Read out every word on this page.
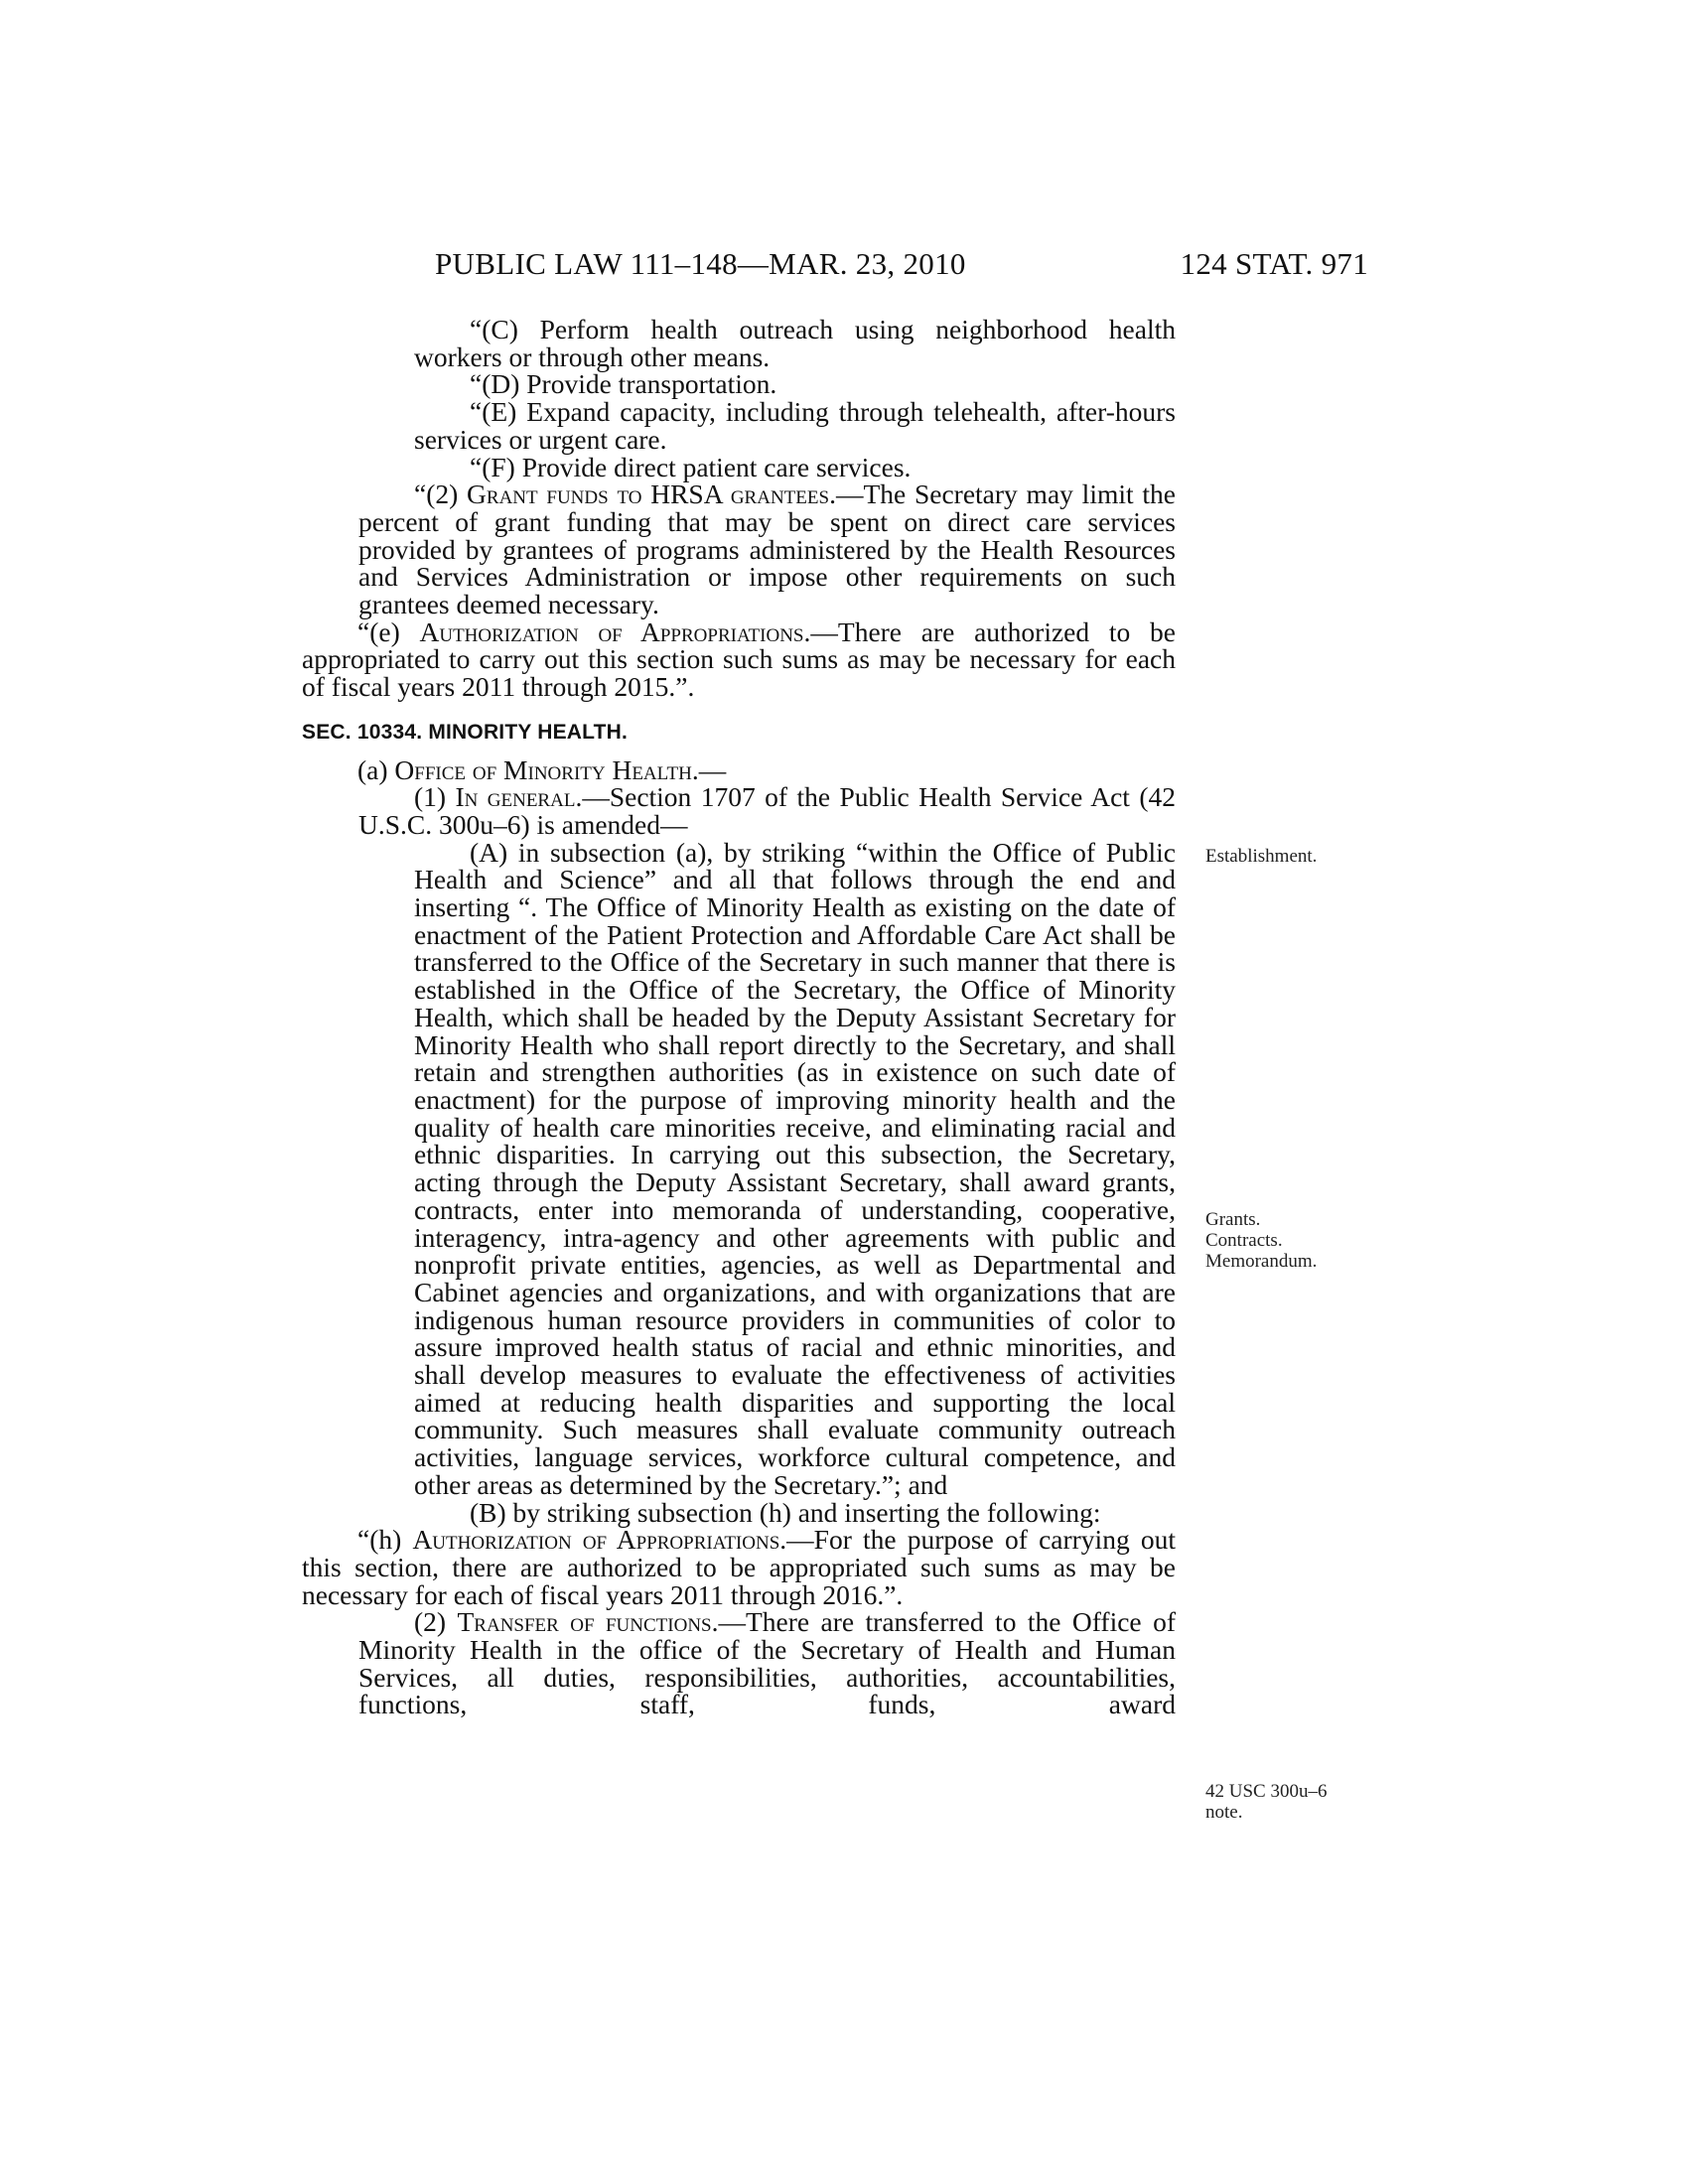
PUBLIC LAW 111–148—MAR. 23, 2010	124 STAT. 971

“(C) Perform health outreach using neighborhood health workers or through other means.

“(D) Provide transportation.

“(E) Expand capacity, including through telehealth, after-hours services or urgent care.

“(F) Provide direct patient care services.

“(2) Grant funds to HRSA grantees.—The Secretary may limit the percent of grant funding that may be spent on direct care services provided by grantees of programs administered by the Health Resources and Services Administration or impose other requirements on such grantees deemed necessary.

“(e) Authorization of Appropriations.—There are authorized to be appropriated to carry out this section such sums as may be necessary for each of fiscal years 2011 through 2015.”.

SEC. 10334. MINORITY HEALTH.

(a) Office of Minority Health.—

(1) In general.—Section 1707 of the Public Health Service Act (42 U.S.C. 300u–6) is amended—

(A) in subsection (a), by striking “within the Office of Public Health and Science” and all that follows through the end and inserting “. The Office of Minority Health as existing on the date of enactment of the Patient Protection and Affordable Care Act shall be transferred to the Office of the Secretary in such manner that there is established in the Office of the Secretary, the Office of Minority Health, which shall be headed by the Deputy Assistant Secretary for Minority Health who shall report directly to the Secretary, and shall retain and strengthen authorities (as in existence on such date of enactment) for the purpose of improving minority health and the quality of health care minorities receive, and eliminating racial and ethnic disparities. In carrying out this subsection, the Secretary, acting through the Deputy Assistant Secretary, shall award grants, contracts, enter into memoranda of understanding, cooperative, interagency, intra-agency and other agreements with public and nonprofit private entities, agencies, as well as Departmental and Cabinet agencies and organizations, and with organizations that are indigenous human resource providers in communities of color to assure improved health status of racial and ethnic minorities, and shall develop measures to evaluate the effectiveness of activities aimed at reducing health disparities and supporting the local community. Such measures shall evaluate community outreach activities, language services, workforce cultural competence, and other areas as determined by the Secretary.”; and

(B) by striking subsection (h) and inserting the following:

“(h) Authorization of Appropriations.—For the purpose of carrying out this section, there are authorized to be appropriated such sums as may be necessary for each of fiscal years 2011 through 2016.”.

(2) Transfer of functions.—There are transferred to the Office of Minority Health in the office of the Secretary of Health and Human Services, all duties, responsibilities, authorities, accountabilities, functions, staff, funds, award

Establishment.
Grants.
Contracts.
Memorandum.
42 USC 300u–6
note.
